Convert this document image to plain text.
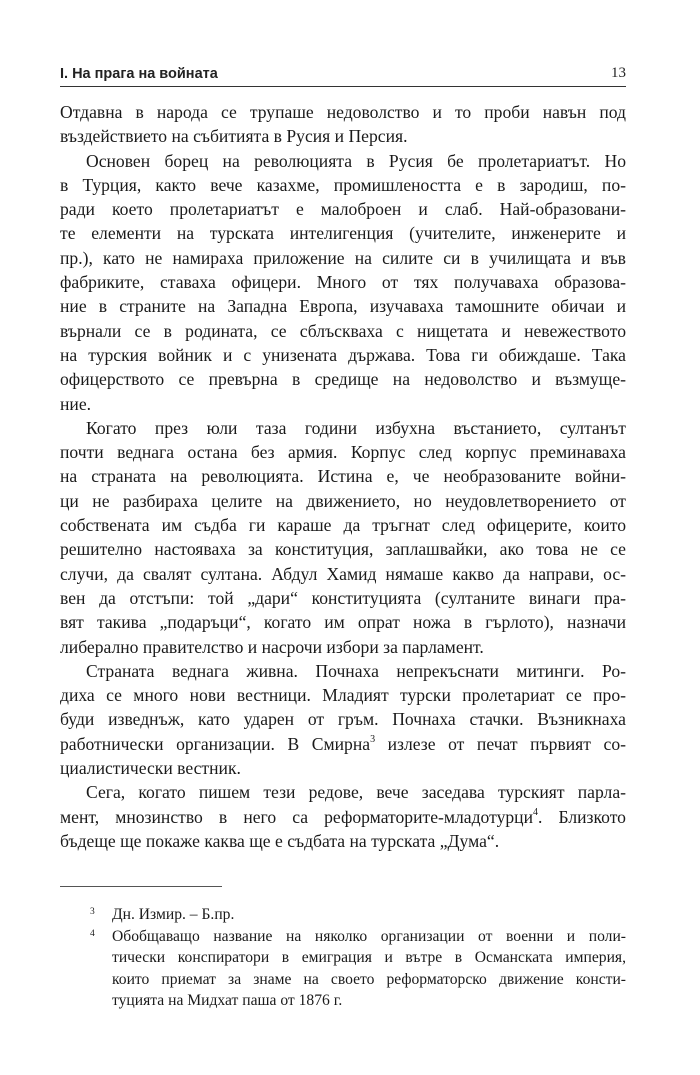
I. На прага на войната	13

Отдавна в народа се трупаше недоволство и то проби навън под
въздействието на събитията в Русия и Персия.

Основен борец на революцията в Русия бе пролетариатът. Но
в Турция, както вече казахме, промишлеността е в зародиш, по-
ради което пролетариатът е малоброен и слаб. Най-образовани-
те елементи на турската интелигенция (учителите, инженерите и
пр.), като не намираха приложение на силите си в училищата и във
фабриките, ставаха офицери. Много от тях получаваха образова-
ние в страните на Западна Европа, изучаваха тамошните обичаи и
върнали се в родината, се сблъскваха с нищетата и невежеството
на турския войник и с унизената държава. Това ги обиждаше. Така
офицерството се превърна в средище на недоволство и възмуще-
ние.

Когато през юли таза години избухна въстанието, султанът
почти веднага остана без армия. Корпус след корпус преминаваха
на страната на революцията. Истина е, че необразованите войни-
ци не разбираха целите на движението, но неудовлетворението от
собствената им съдба ги караше да тръгнат след офицерите, които
решително настояваха за конституция, заплашвайки, ако това не се
случи, да свалят султана. Абдул Хамид нямаше какво да направи, ос-
вен да отстъпи: той „дари“ конституцията (султаните винаги пра-
вят такива „подаръци“, когато им опрат ножа в гърлото), назначи
либерално правителство и насрочи избори за парламент.

Страната веднага живна. Почнаха непрекъснати митинги. Ро-
диха се много нови вестници. Младият турски пролетариат се про-
буди изведнъж, като ударен от гръм. Почнаха стачки. Възникнаха
работнически организации. В Смирна$^3$ излезе от печат първият со-
циалистически вестник.

Сега, когато пишем тези редове, вече заседава турският парла-
мент, мнозинство в него са реформаторите-младотурци$^4$. Близкото
бъдеще ще покаже каква ще е съдбата на турската „Дума“.

3 Дн. Измир. – Б.пр.
4 Обобщаващо название на няколко организации от военни и поли-
тически конспиратори в емиграция и вътре в Османската империя,
които приемат за знаме на своето реформаторско движение консти-
туцията на Мидхат паша от 1876 г.
